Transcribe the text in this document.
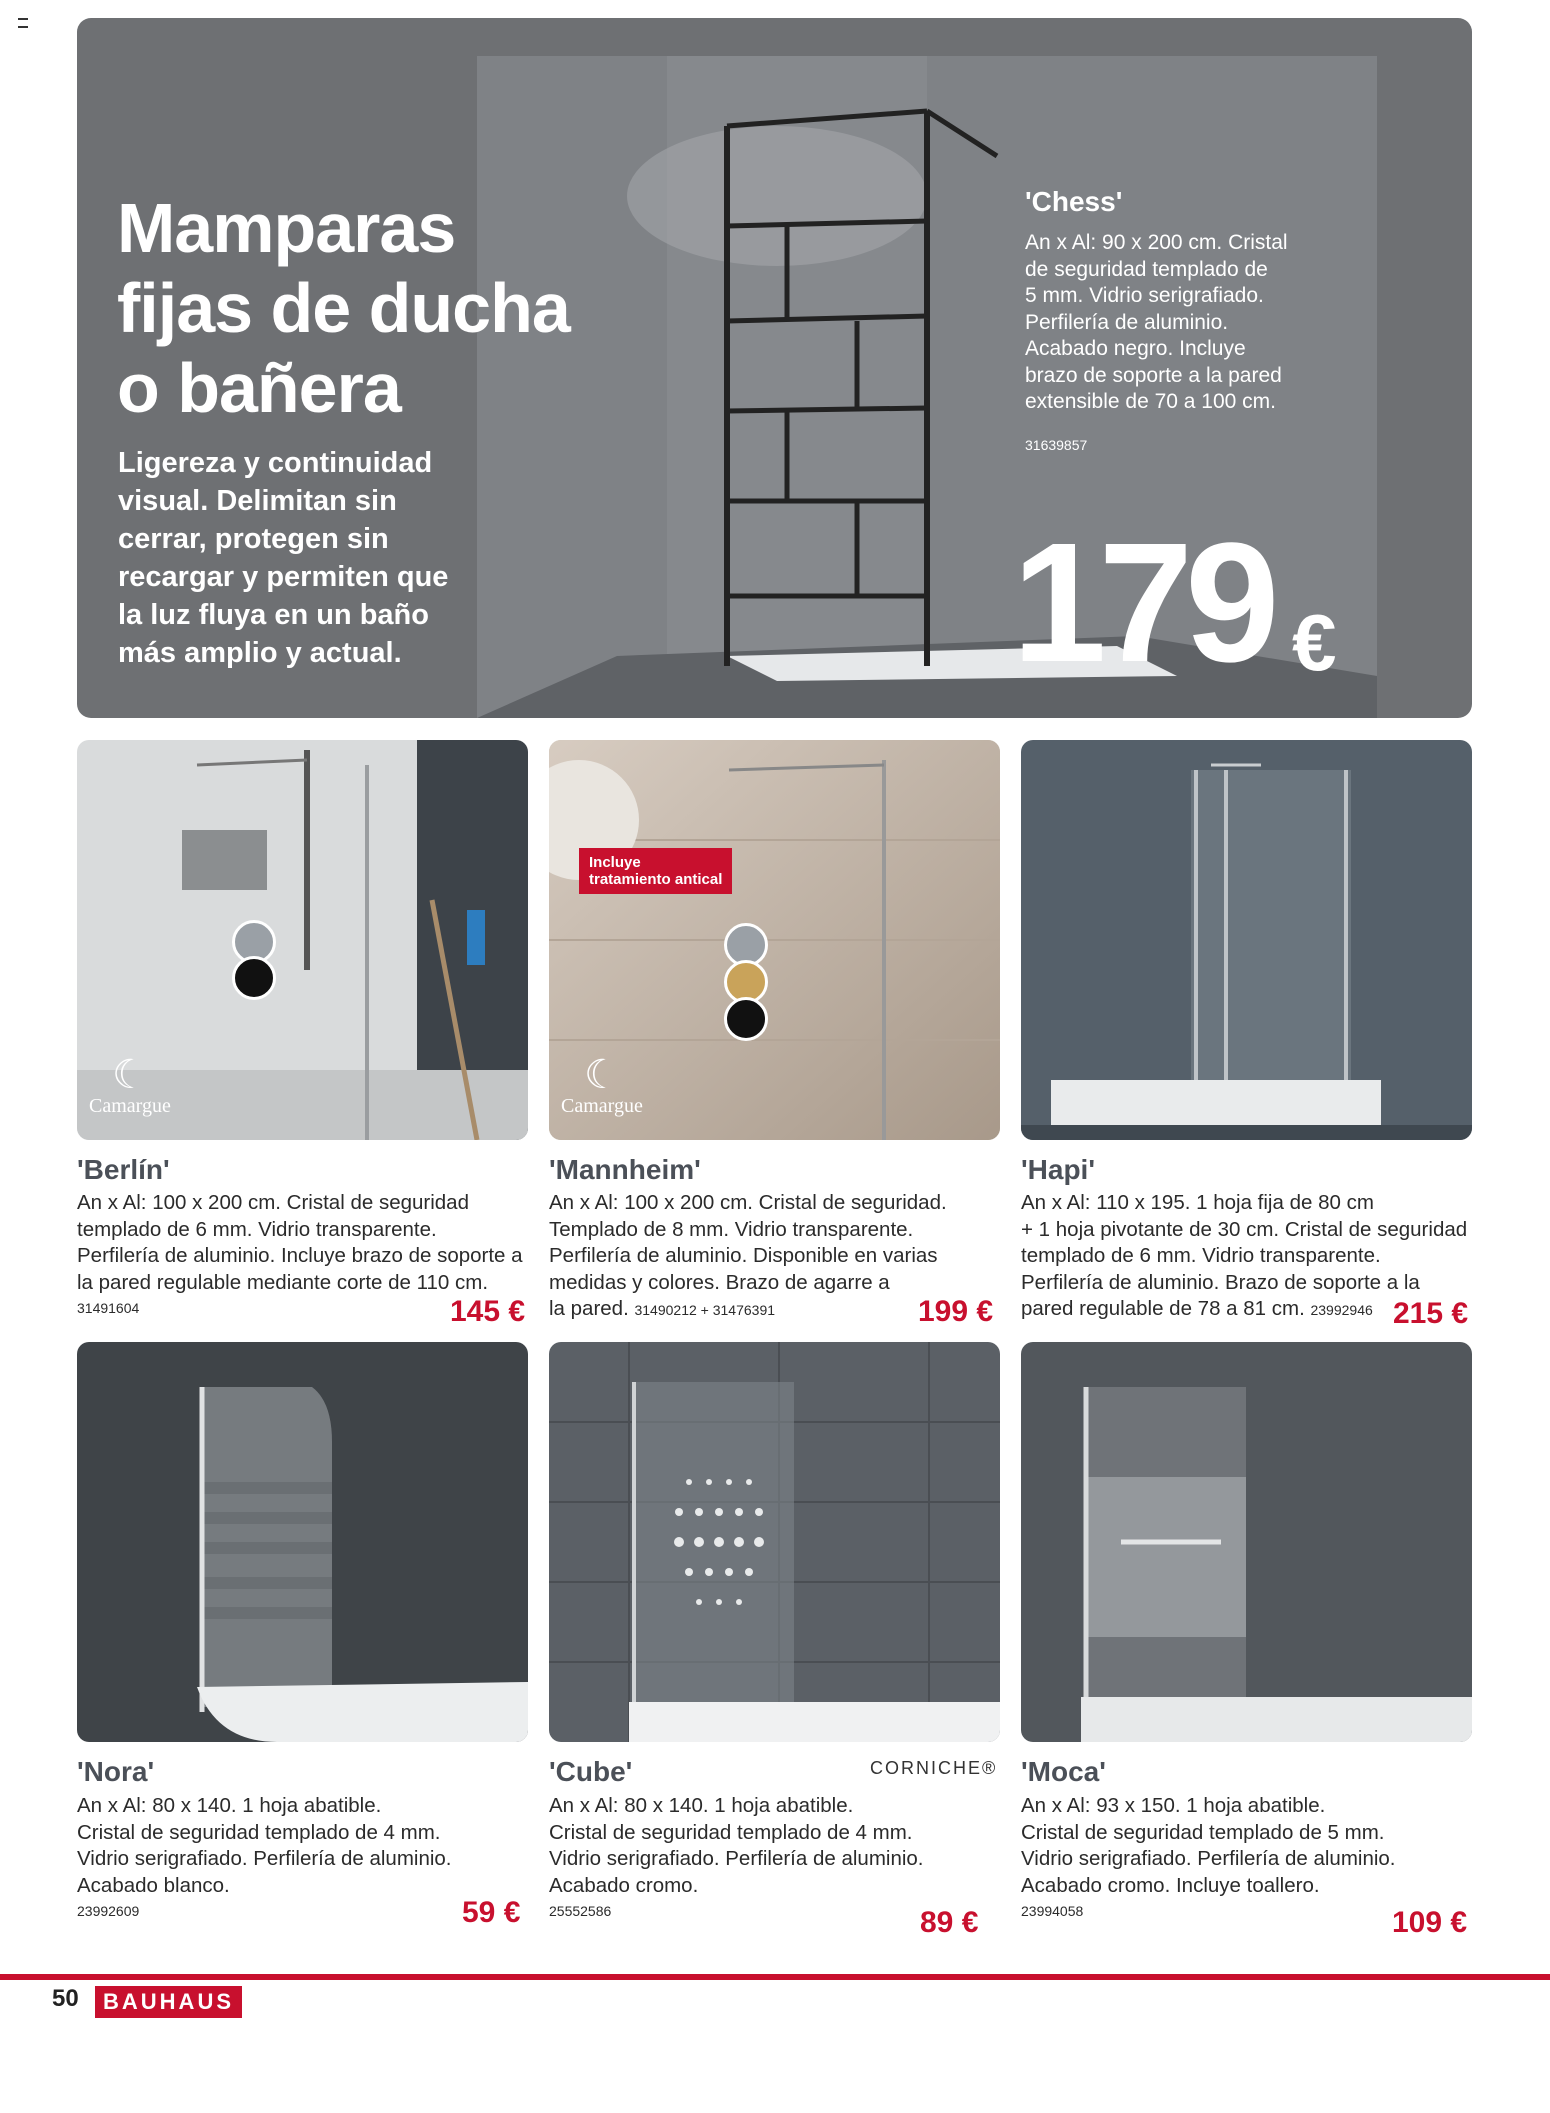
Mamparas
fijas de ducha
o bañera
Ligereza y continuidad
visual. Delimitan sin
cerrar, protegen sin
recargar y permiten que
la luz fluya en un baño
más amplio y actual.
'Chess'
An x Al: 90 x 200 cm. Cristal
de seguridad templado de
5 mm. Vidrio serigrafiado.
Perfilería de aluminio.
Acabado negro. Incluye
brazo de soporte a la pared
extensible de 70 a 100 cm.
31639857
179 €
☾
Camargue
Incluye
tratamiento antical
☾
Camargue
'Berlín'
An x Al: 100 x 200 cm. Cristal de seguridad
templado de 6 mm. Vidrio transparente.
Perfilería de aluminio. Incluye brazo de soporte a
la pared regulable mediante corte de 110 cm.
31491604	145 €
'Mannheim'
An x Al: 100 x 200 cm. Cristal de seguridad.
Templado de 8 mm. Vidrio transparente.
Perfilería de aluminio. Disponible en varias
medidas y colores. Brazo de agarre a
la pared. 31490212 + 31476391	199 €
'Hapi'
An x Al: 110 x 195. 1 hoja fija de 80 cm
+ 1 hoja pivotante de 30 cm. Cristal de seguridad
templado de 6 mm. Vidrio transparente.
Perfilería de aluminio. Brazo de soporte a la
pared regulable de 78 a 81 cm. 23992946 215 €
'Nora'
An x Al: 80 x 140. 1 hoja abatible.
Cristal de seguridad templado de 4 mm.
Vidrio serigrafiado. Perfilería de aluminio.
Acabado blanco.
23992609	59 €
'Cube'	CORNICHE®
An x Al: 80 x 140. 1 hoja abatible.
Cristal de seguridad templado de 4 mm.
Vidrio serigrafiado. Perfilería de aluminio.
Acabado cromo.
25552586	89 €
'Moca'
An x Al: 93 x 150. 1 hoja abatible.
Cristal de seguridad templado de 5 mm.
Vidrio serigrafiado. Perfilería de aluminio.
Acabado cromo. Incluye toallero.
23994058	109 €
50	BAUHAUS
